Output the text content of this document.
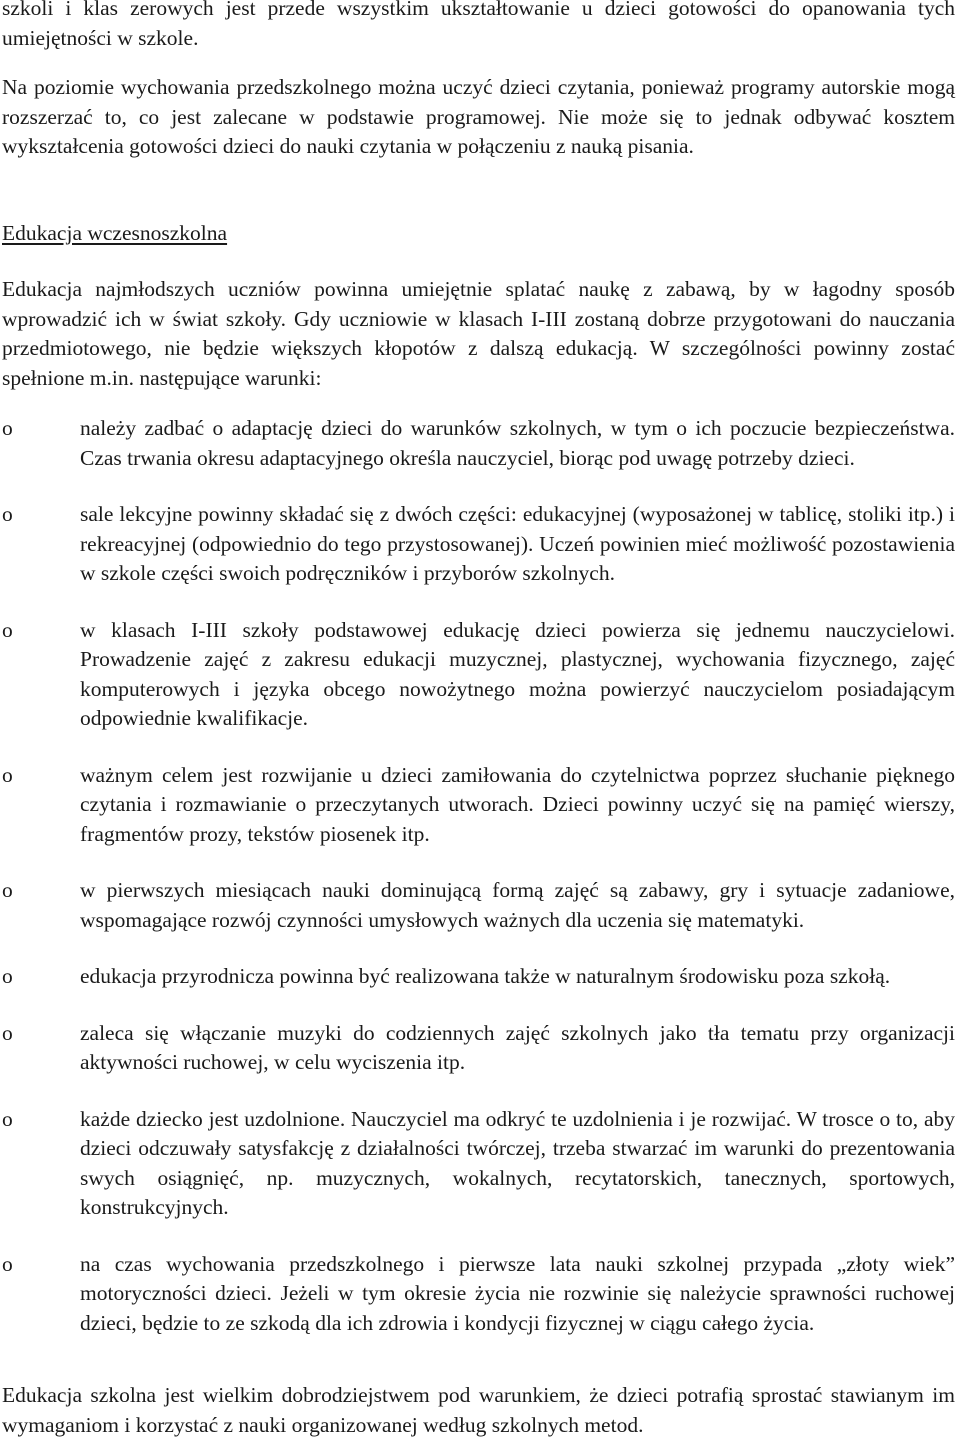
szkoli i klas zerowych jest przede wszystkim ukształtowanie u dzieci gotowości do opanowania tych umiejętności w szkole.

Na poziomie wychowania przedszkolnego można uczyć dzieci czytania, ponieważ programy autorskie mogą rozszerzać to, co jest zalecane w podstawie programowej. Nie może się to jednak odbywać kosztem wykształcenia gotowości dzieci do nauki czytania w połączeniu z nauką pisania.

Edukacja wczesnoszkolna

Edukacja najmłodszych uczniów powinna umiejętnie splatać naukę z zabawą, by w łagodny sposób wprowadzić ich w świat szkoły. Gdy uczniowie w klasach I-III zostaną dobrze przygotowani do nauczania przedmiotowego, nie będzie większych kłopotów z dalszą edukacją. W szczególności powinny zostać spełnione m.in. następujące warunki:

o	należy zadbać o adaptację dzieci do warunków szkolnych, w tym o ich poczucie bezpieczeństwa. Czas trwania okresu adaptacyjnego określa nauczyciel, biorąc pod uwagę potrzeby dzieci.
o	sale lekcyjne powinny składać się z dwóch części: edukacyjnej (wyposażonej w tablicę, stoliki itp.) i rekreacyjnej (odpowiednio do tego przystosowanej). Uczeń powinien mieć możliwość pozostawienia w szkole części swoich podręczników i przyborów szkolnych.
o	w klasach I-III szkoły podstawowej edukację dzieci powierza się jednemu nauczycielowi. Prowadzenie zajęć z zakresu edukacji muzycznej, plastycznej, wychowania fizycznego, zajęć komputerowych i języka obcego nowożytnego można powierzyć nauczycielom posiadającym odpowiednie kwalifikacje.
o	ważnym celem jest rozwijanie u dzieci zamiłowania do czytelnictwa poprzez słuchanie pięknego czytania i rozmawianie o przeczytanych utworach. Dzieci powinny uczyć się na pamięć wierszy, fragmentów prozy, tekstów piosenek itp.
o	w pierwszych miesiącach nauki dominującą formą zajęć są zabawy, gry i sytuacje zadaniowe, wspomagające rozwój czynności umysłowych ważnych dla uczenia się matematyki.
o	edukacja przyrodnicza powinna być realizowana także w naturalnym środowisku poza szkołą.
o	zaleca się włączanie muzyki do codziennych zajęć szkolnych jako tła tematu przy organizacji aktywności ruchowej, w celu wyciszenia itp.
o	każde dziecko jest uzdolnione. Nauczyciel ma odkryć te uzdolnienia i je rozwijać. W trosce o to, aby dzieci odczuwały satysfakcję z działalności twórczej, trzeba stwarzać im warunki do prezentowania swych osiągnięć, np. muzycznych, wokalnych, recytatorskich, tanecznych, sportowych, konstrukcyjnych.
o	na czas wychowania przedszkolnego i pierwsze lata nauki szkolnej przypada „złoty wiek” motoryczności dzieci. Jeżeli w tym okresie życia nie rozwinie się należycie sprawności ruchowej dzieci, będzie to ze szkodą dla ich zdrowia i kondycji fizycznej w ciągu całego życia.

Edukacja szkolna jest wielkim dobrodziejstwem pod warunkiem, że dzieci potrafią sprostać stawianym im wymaganiom i korzystać z nauki organizowanej według szkolnych metod.
